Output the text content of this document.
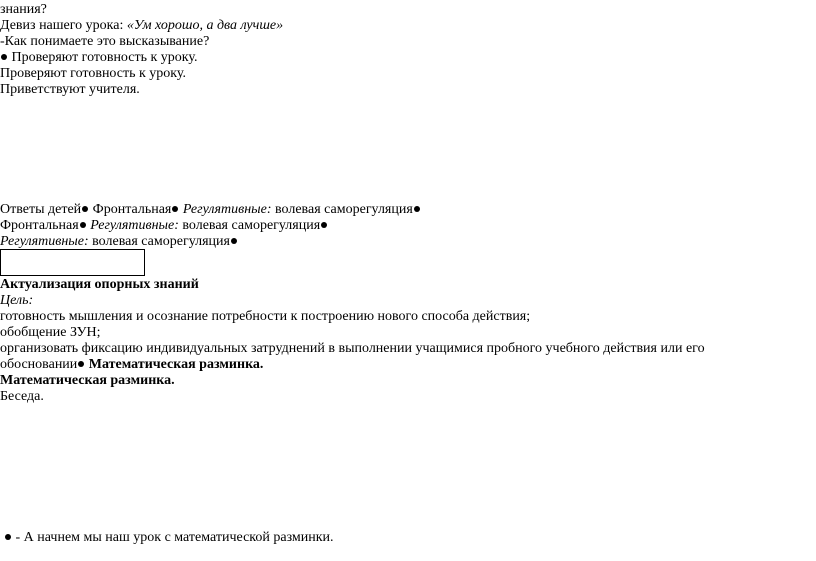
знания?
Девиз нашего урока: «Ум хорошо, а два лучше»
-Как понимаете это высказывание?
Проверяют готовность к уроку.
Проверяют готовность к уроку.
Приветствуют учителя.
Ответы детей Фронтальная Регулятивные: волевая саморегуляция
Фронтальная Регулятивные: волевая саморегуляция
Регулятивные: волевая саморегуляция
Актуализация опорных знаний
Цель:
готовность мышления и осознание потребности к построению нового способа действия;
обобщение ЗУН;
организовать фиксацию индивидуальных затруднений в выполнении учащимися пробного учебного действия или его
обосновании Математическая разминка.
Математическая разминка.
Беседа.
- А начнем мы наш урок с математической разминки.
